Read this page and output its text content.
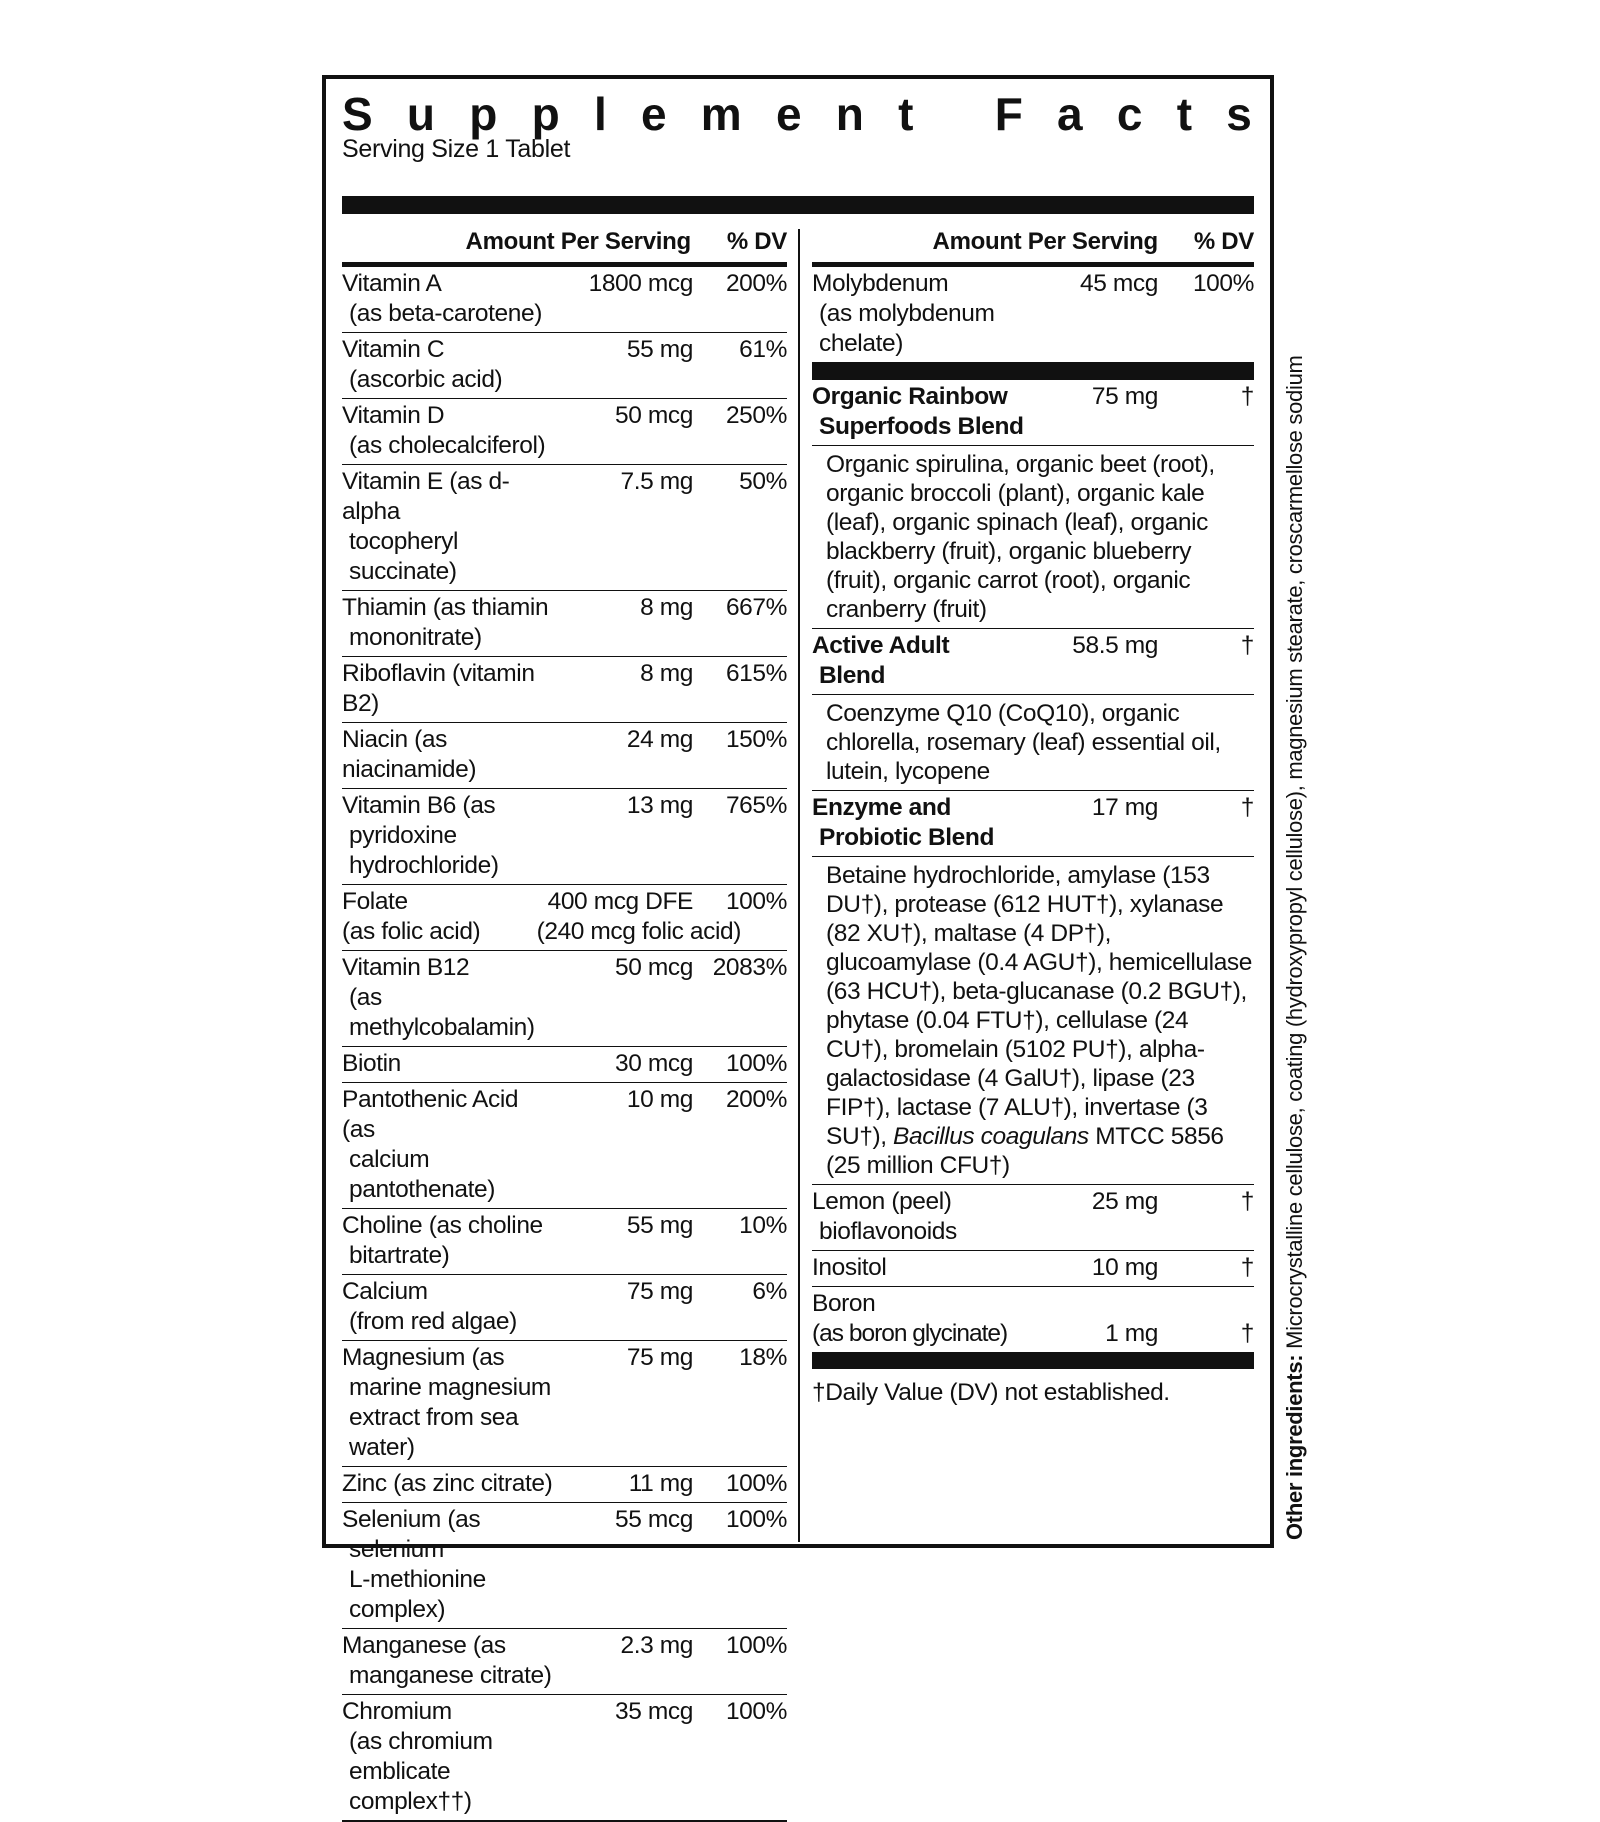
S u p p l e m e n t
F a c t s
Serving Size 1 Tablet
Amount Per Serving % DV
Vitamin A
(as beta-carotene)
1800 mcg 200%
Vitamin C
(ascorbic acid)
55 mg 61%
Vitamin D
(as cholecalciferol)
50 mcg 250%
Vitamin E (as d-alpha
tocopheryl succinate)
7.5 mg 50%
Thiamin (as thiamin
mononitrate)
8 mg 667%
Riboflavin (vitamin B2)
8 mg 615%
Niacin (as niacinamide)
24 mg 150%
Vitamin B6 (as
pyridoxine hydrochloride)
13 mg 765%
Folate
(as folic acid)
400 mcg DFE
(240 mcg folic acid)
100%
Vitamin B12
(as methylcobalamin)
50 mcg 2083%
Biotin	30 mcg 100%
Pantothenic Acid (as
calcium pantothenate)
10 mg 200%
Choline (as choline
bitartrate)
55 mg 10%
Calcium
(from red algae)
75 mg 6%
Magnesium (as
marine magnesium
extract from sea water)
75 mg 18%
Zinc (as zinc citrate)	11 mg 100%
Selenium (as
selenium
L-methionine complex)
55 mcg 100%
Manganese (as
manganese citrate)
2.3 mg 100%
Chromium
(as chromium
emblicate complex††)
35 mcg 100%
Amount Per Serving % DV
Molybdenum
(as molybdenum
chelate)
45 mcg 100%
Organic Rainbow
Superfoods Blend
75 mg	†
Organic spirulina, organic beet (root), organic broccoli (plant), organic kale (leaf), organic spinach (leaf), organic blackberry (fruit), organic blueberry (fruit), organic carrot (root), organic cranberry (fruit)
Active Adult
Blend
58.5 mg	†
Coenzyme Q10 (CoQ10), organic chlorella, rosemary (leaf) essential oil, lutein, lycopene
Enzyme and
Probiotic Blend
17 mg	†
Betaine hydrochloride, amylase (153 DU†), protease (612 HUT†), xylanase (82 XU†), maltase (4 DP†), glucoamylase (0.4 AGU†), hemicellulase (63 HCU†), beta-glucanase (0.2 BGU†), phytase (0.04 FTU†), cellulase (24 CU†), bromelain (5102 PU†), alpha-galactosidase (4 GalU†), lipase (23 FIP†), lactase (7 ALU†), invertase (3 SU†), Bacillus coagulans MTCC 5856 (25 million CFU†)
Lemon (peel)
bioflavonoids
25 mg	†
Inositol	10 mg	†
Boron
(as boron glycinate)	1 mg	†
†Daily Value (DV) not established.	Other ingredients: Microcrystalline cellulose, coating (hydroxypropyl cellulose), magnesium stearate, croscarmellose sodium
